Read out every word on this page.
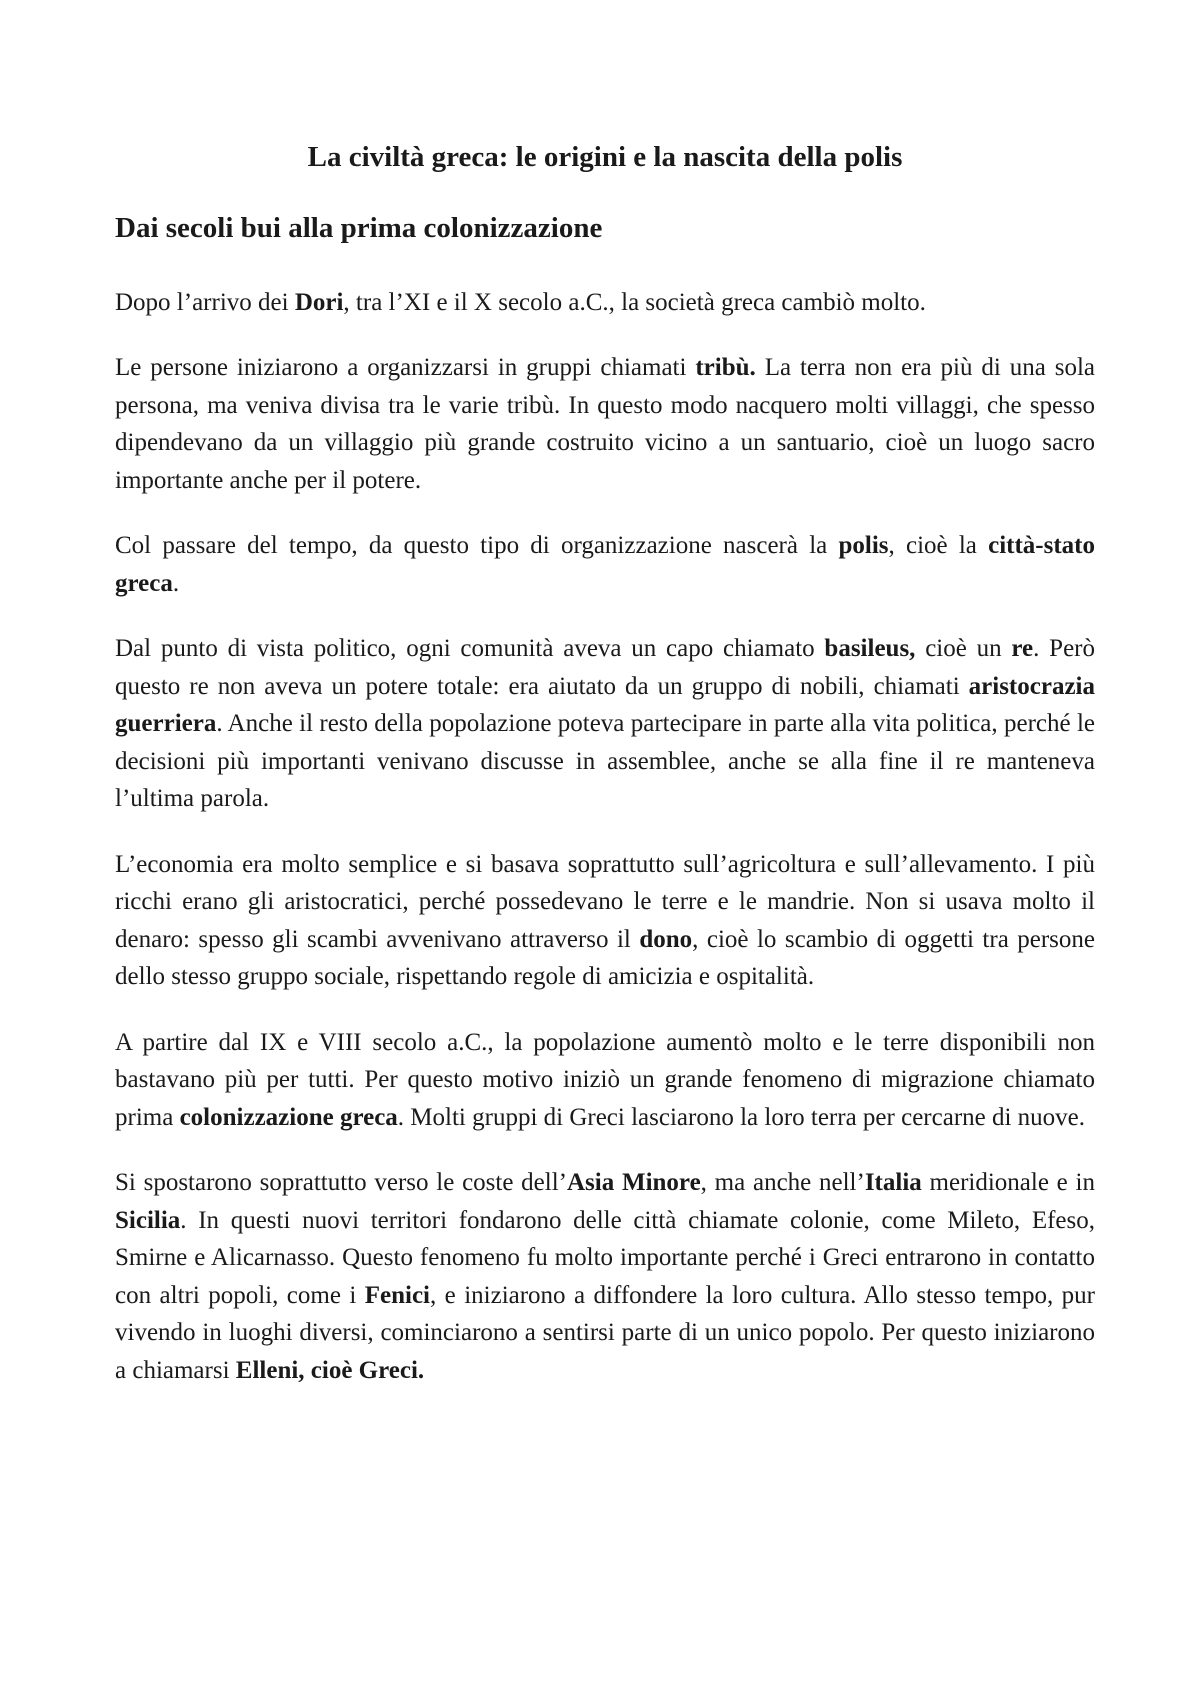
La civiltà greca: le origini e la nascita della polis
Dai secoli bui alla prima colonizzazione

Dopo l’arrivo dei Dori, tra l’XI e il X secolo a.C., la società greca cambiò molto.

Le persone iniziarono a organizzarsi in gruppi chiamati tribù. La terra non era più di una sola persona, ma veniva divisa tra le varie tribù. In questo modo nacquero molti villaggi, che spesso dipendevano da un villaggio più grande costruito vicino a un santuario, cioè un luogo sacro importante anche per il potere.

Col passare del tempo, da questo tipo di organizzazione nascerà la polis, cioè la città-stato greca.

Dal punto di vista politico, ogni comunità aveva un capo chiamato basileus, cioè un re. Però questo re non aveva un potere totale: era aiutato da un gruppo di nobili, chiamati aristocrazia guerriera. Anche il resto della popolazione poteva partecipare in parte alla vita politica, perché le decisioni più importanti venivano discusse in assemblee, anche se alla fine il re manteneva l’ultima parola.

L’economia era molto semplice e si basava soprattutto sull’agricoltura e sull’allevamento. I più ricchi erano gli aristocratici, perché possedevano le terre e le mandrie. Non si usava molto il denaro: spesso gli scambi avvenivano attraverso il dono, cioè lo scambio di oggetti tra persone dello stesso gruppo sociale, rispettando regole di amicizia e ospitalità.

A partire dal IX e VIII secolo a.C., la popolazione aumentò molto e le terre disponibili non bastavano più per tutti. Per questo motivo iniziò un grande fenomeno di migrazione chiamato prima colonizzazione greca. Molti gruppi di Greci lasciarono la loro terra per cercarne di nuove.

Si spostarono soprattutto verso le coste dell’Asia Minore, ma anche nell’Italia meridionale e in Sicilia. In questi nuovi territori fondarono delle città chiamate colonie, come Mileto, Efeso, Smirne e Alicarnasso. Questo fenomeno fu molto importante perché i Greci entrarono in contatto con altri popoli, come i Fenici, e iniziarono a diffondere la loro cultura. Allo stesso tempo, pur vivendo in luoghi diversi, cominciarono a sentirsi parte di un unico popolo. Per questo iniziarono a chiamarsi Elleni, cioè Greci.
